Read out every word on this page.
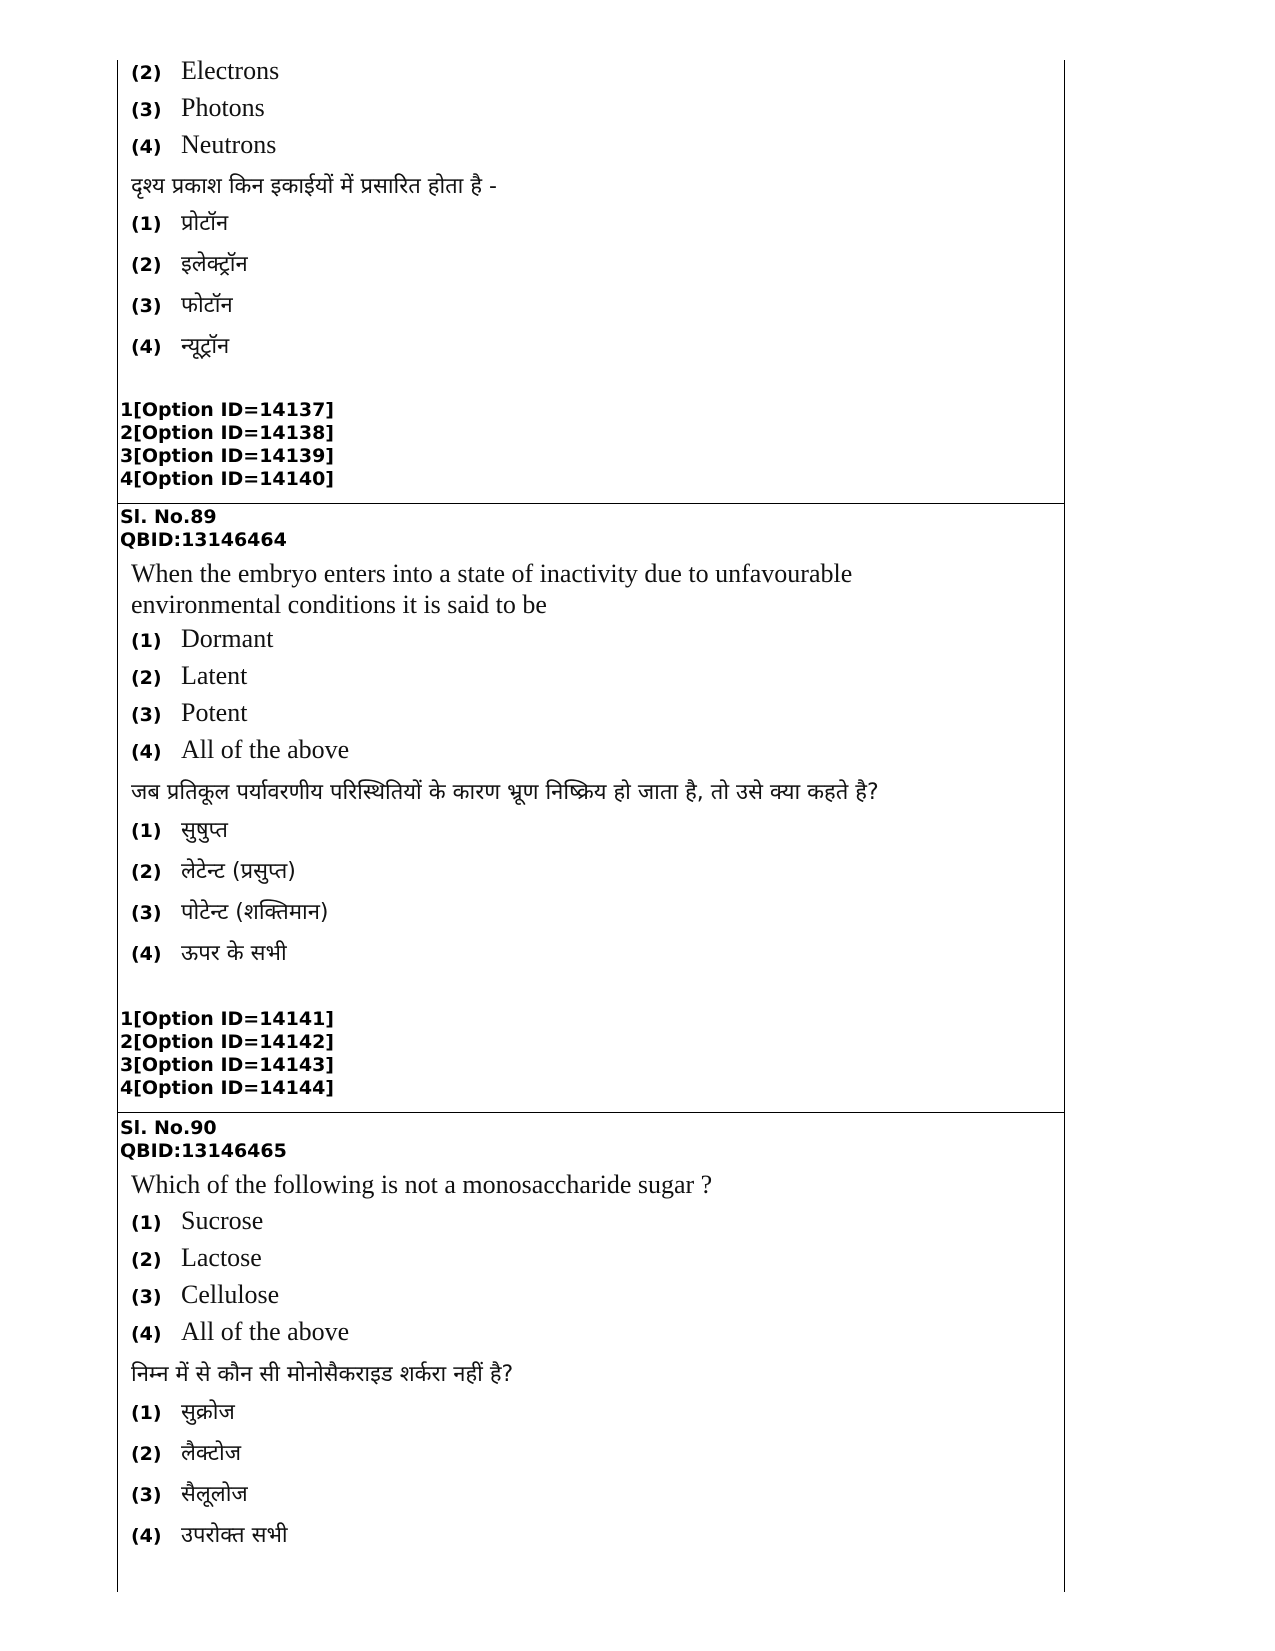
(2) Electrons
(3) Photons
(4) Neutrons
दृश्य प्रकाश किन इकाईयों में प्रसारित होता है -
(1) प्रोटॉन
(2) इलेक्ट्रॉन
(3) फोटॉन
(4) न्यूट्रॉन
1[Option ID=14137]
2[Option ID=14138]
3[Option ID=14139]
4[Option ID=14140]
Sl. No.89
QBID:13146464
When the embryo enters into a state of inactivity due to unfavourable
environmental conditions it is said to be
(1) Dormant
(2) Latent
(3) Potent
(4) All of the above
जब प्रतिकूल पर्यावरणीय परिस्थितियों के कारण भ्रूण निष्क्रिय हो जाता है, तो उसे क्या कहते है?
(1) सुषुप्त
(2) लेटेन्ट (प्रसुप्त)
(3) पोटेन्ट (शक्तिमान)
(4) ऊपर के सभी
1[Option ID=14141]
2[Option ID=14142]
3[Option ID=14143]
4[Option ID=14144]
Sl. No.90
QBID:13146465
Which of the following is not a monosaccharide sugar ?
(1) Sucrose
(2) Lactose
(3) Cellulose
(4) All of the above
निम्न में से कौन सी मोनोसैकराइड शर्करा नहीं है?
(1) सुक्रोज
(2) लैक्टोज
(3) सैलूलोज
(4) उपरोक्त सभी
